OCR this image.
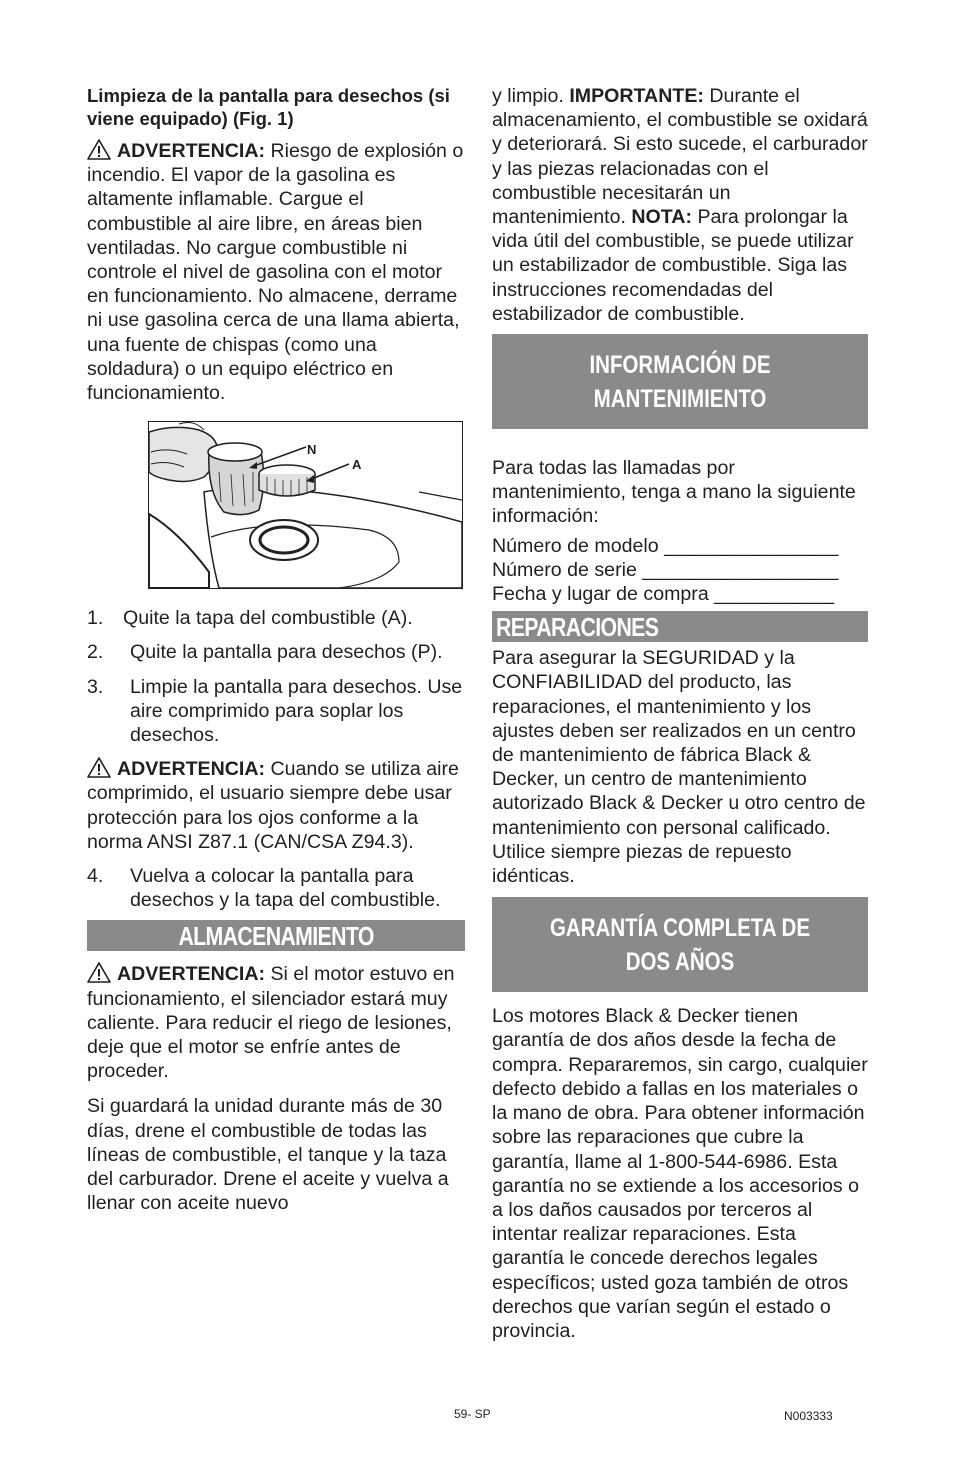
Limpieza de la pantalla para desechos (si viene equipado) (Fig. 1)

ADVERTENCIA: Riesgo de explosión o incendio. El vapor de la gasolina es altamente inflamable. Cargue el combustible al aire libre, en áreas bien ventiladas. No cargue combustible ni controle el nivel de gasolina con el motor en funcionamiento. No almacene, derrame ni use gasolina cerca de una llama abierta, una fuente de chispas (como una soldadura) o un equipo eléctrico en funcionamiento.

N
A
1. Quite la tapa del combustible (A).
2. Quite la pantalla para desechos (P).
3. Limpie la pantalla para desechos. Use aire comprimido para soplar los desechos.

ADVERTENCIA: Cuando se utiliza aire comprimido, el usuario siempre debe usar protección para los ojos conforme a la norma ANSI Z87.1 (CAN/CSA Z94.3).

4. Vuelva a colocar la pantalla para desechos y la tapa del combustible.
ALMACENAMIENTO

ADVERTENCIA: Si el motor estuvo en funcionamiento, el silenciador estará muy caliente. Para reducir el riego de lesiones, deje que el motor se enfríe antes de proceder.

Si guardará la unidad durante más de 30 días, drene el combustible de todas las líneas de combustible, el tanque y la taza del carburador. Drene el aceite y vuelva a llenar con aceite nuevo

y limpio. IMPORTANTE: Durante el almacenamiento, el combustible se oxidará y deteriorará. Si esto sucede, el carburador y las piezas relacionadas con el combustible necesitarán un mantenimiento. NOTA: Para prolongar la vida útil del combustible, se puede utilizar un estabilizador de combustible. Siga las instrucciones recomendadas del estabilizador de combustible.

INFORMACIÓN DE MANTENIMIENTO

Para todas las llamadas por mantenimiento, tenga a mano la siguiente información:

Número de modelo ________________

Número de serie __________________

Fecha y lugar de compra ___________

REPARACIONES

Para asegurar la SEGURIDAD y la CONFIABILIDAD del producto, las reparaciones, el mantenimiento y los ajustes deben ser realizados en un centro de mantenimiento de fábrica Black & Decker, un centro de mantenimiento autorizado Black & Decker u otro centro de mantenimiento con personal calificado. Utilice siempre piezas de repuesto idénticas.

GARANTÍA COMPLETA DE DOS AÑOS

Los motores Black & Decker tienen garantía de dos años desde la fecha de compra. Repararemos, sin cargo, cualquier defecto debido a fallas en los materiales o la mano de obra. Para obtener información sobre las reparaciones que cubre la garantía, llame al 1-800-544-6986. Esta garantía no se extiende a los accesorios o a los daños causados por terceros al intentar realizar reparaciones. Esta garantía le concede derechos legales específicos; usted goza también de otros derechos que varían según el estado o provincia.

59- SP	N003333
